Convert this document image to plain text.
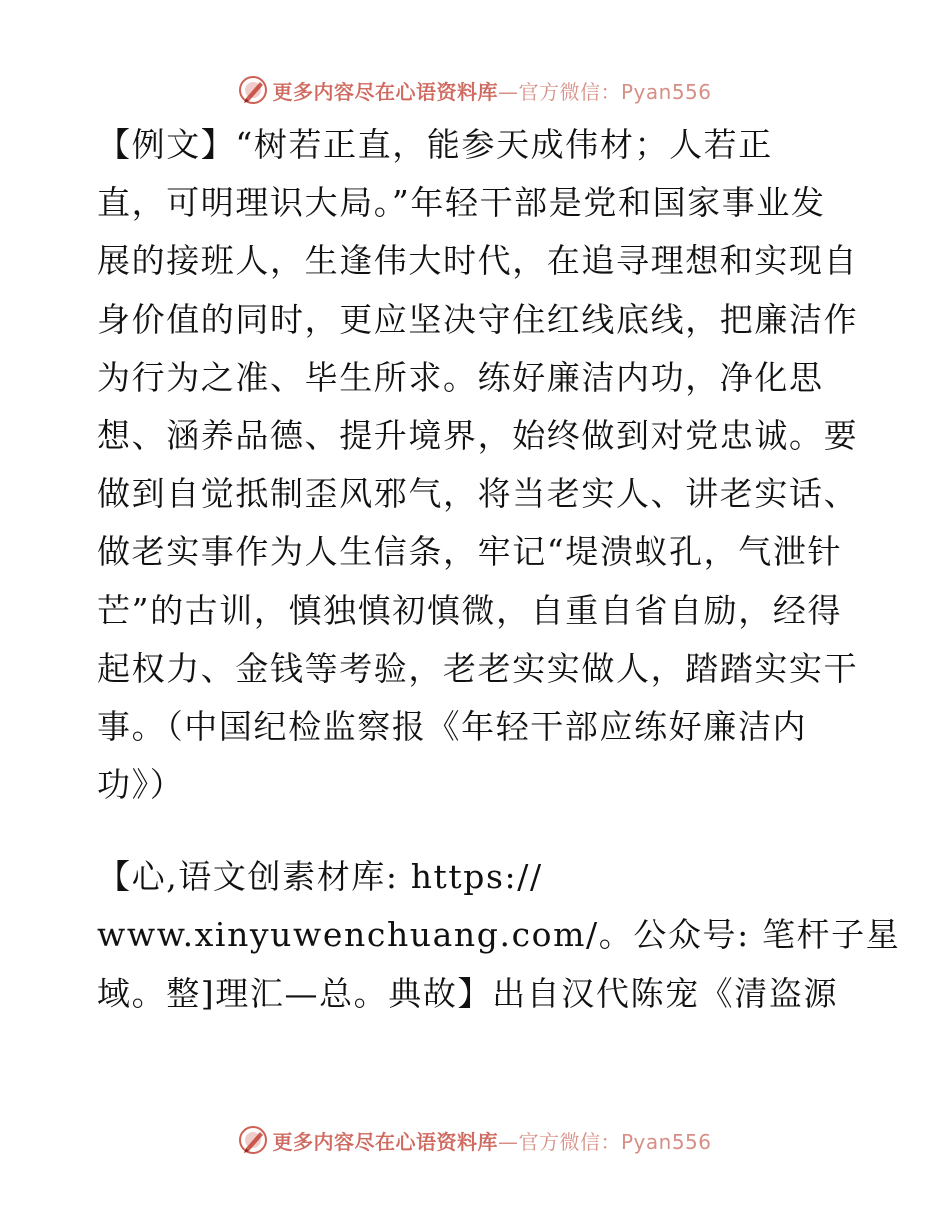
更多内容尽在心语资料库—官方微信：Pyan556
【例文】“树若正直，能参天成伟材；人若正
直，可明理识大局。”年轻干部是党和国家事业发
展的接班人，生逢伟大时代，在追寻理想和实现自
身价值的同时，更应坚决守住红线底线，把廉洁作
为行为之准、毕生所求。练好廉洁内功，净化思
想、涵养品德、提升境界，始终做到对党忠诚。要
做到自觉抵制歪风邪气，将当老实人、讲老实话、
做老实事作为人生信条，牢记“堤溃蚁孔，气泄针
芒”的古训，慎独慎初慎微，自重自省自励，经得
起权力、金钱等考验，老老实实做人，踏踏实实干
事。（中国纪检监察报《年轻干部应练好廉洁内
功》）
【心,语文创素材库: https://
www.xinyuwenchuang.com/。公众号: 笔杆子星
域。整]理汇—总。典故】出自汉代陈宠《清盗源
更多内容尽在心语资料库—官方微信：Pyan556
